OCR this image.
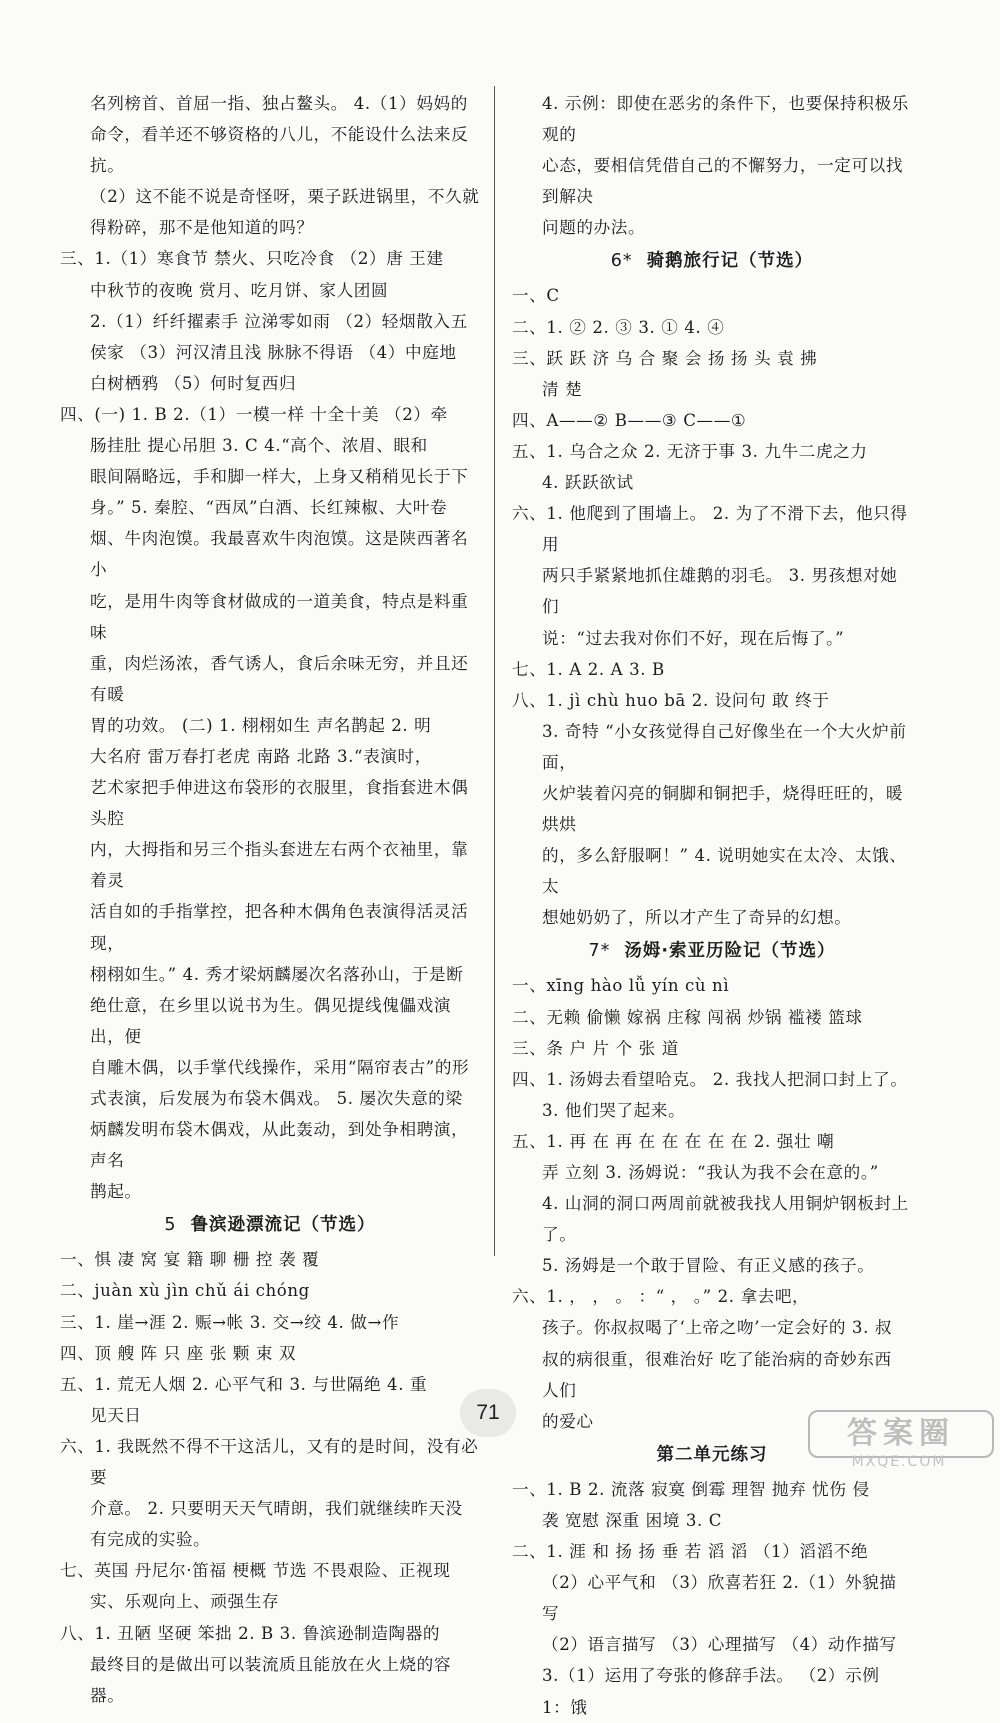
名列榜首、首屈一指、独占鳌头。 4.（1）妈妈的
命令，看羊还不够资格的八儿，不能设什么法来反抗。
（2）这不能不说是奇怪呀，栗子跃进锅里，不久就
得粉碎，那不是他知道的吗？
三、1.（1）寒食节 禁火、只吃冷食 （2）唐 王建
中秋节的夜晚 赏月、吃月饼、家人团圆
2.（1）纤纤擢素手 泣涕零如雨 （2）轻烟散入五
侯家 （3）河汉清且浅 脉脉不得语 （4）中庭地
白树栖鸦 （5）何时复西归
四、(一) 1. B 2.（1）一模一样 十全十美 （2）牵
肠挂肚 提心吊胆 3. C 4.“高个、浓眉、眼和
眼间隔略远，手和脚一样大，上身又稍稍见长于下
身。” 5. 秦腔、“西凤”白酒、长红辣椒、大叶卷
烟、牛肉泡馍。我最喜欢牛肉泡馍。这是陕西著名小
吃，是用牛肉等食材做成的一道美食，特点是料重味
重，肉烂汤浓，香气诱人，食后余味无穷，并且还有暖
胃的功效。 (二) 1. 栩栩如生 声名鹊起 2. 明
大名府 雷万春打老虎 南路 北路 3.“表演时，
艺术家把手伸进这布袋形的衣服里，食指套进木偶头腔
内，大拇指和另三个指头套进左右两个衣袖里，靠着灵
活自如的手指掌控，把各种木偶角色表演得活灵活现，
栩栩如生。” 4. 秀才梁炳麟屡次名落孙山，于是断
绝仕意，在乡里以说书为生。偶见提线傀儡戏演出，便
自雕木偶，以手掌代线操作，采用“隔帘表古”的形
式表演，后发展为布袋木偶戏。 5. 屡次失意的梁
炳麟发明布袋木偶戏，从此轰动，到处争相聘演，声名
鹊起。
5 鲁滨逊漂流记（节选）
一、惧 凄 窝 宴 籍 聊 栅 控 袭 覆
二、juàn xù jìn chǔ ái chóng
三、1. 崖→涯 2. 赈→帐 3. 交→绞 4. 做→作
四、顶 艘 阵 只 座 张 颗 束 双
五、1. 荒无人烟 2. 心平气和 3. 与世隔绝 4. 重
见天日
六、1. 我既然不得不干这活儿，又有的是时间，没有必要
介意。 2. 只要明天天气晴朗，我们就继续昨天没
有完成的实验。
七、英国 丹尼尔·笛福 梗概 节选 不畏艰险、正视现
实、乐观向上、顽强生存
八、1. 丑陋 坚硬 笨拙 2. B 3. 鲁滨逊制造陶器的
最终目的是做出可以装流质且能放在火上烧的容器。
4. 示例：即使在恶劣的条件下，也要保持积极乐观的
心态，要相信凭借自己的不懈努力，一定可以找到解决
问题的办法。
6* 骑鹅旅行记（节选）
一、C
二、1. ② 2. ③ 3. ① 4. ④
三、跃 跃 济 乌 合 聚 会 扬 扬 头 袁 拂
清 楚
四、A——② B——③ C——①
五、1. 乌合之众 2. 无济于事 3. 九牛二虎之力
4. 跃跃欲试
六、1. 他爬到了围墙上。 2. 为了不滑下去，他只得用
两只手紧紧地抓住雄鹅的羽毛。 3. 男孩想对她们
说：“过去我对你们不好，现在后悔了。”
七、1. A 2. A 3. B
八、1. jì chù huo bā 2. 设问句 敢 终于
3. 奇特 “小女孩觉得自己好像坐在一个大火炉前面，
火炉装着闪亮的铜脚和铜把手，烧得旺旺的，暖烘烘
的，多么舒服啊！” 4. 说明她实在太冷、太饿、太
想她奶奶了，所以才产生了奇异的幻想。
7* 汤姆·索亚历险记（节选）
一、xīng hào lǚ yín cù nì
二、无赖 偷懒 嫁祸 庄稼 闯祸 炒锅 褴褛 篮球
三、条 户 片 个 张 道
四、1. 汤姆去看望哈克。 2. 我找人把洞口封上了。
3. 他们哭了起来。
五、1. 再 在 再 在 在 在 在 在 2. 强壮 嘲
弄 立刻 3. 汤姆说：“我认为我不会在意的。”
4. 山洞的洞口两周前就被我找人用铜炉钢板封上了。
5. 汤姆是一个敢于冒险、有正义感的孩子。
六、1. ， ， 。 ：“ ， 。” 2. 拿去吧，
孩子。你叔叔喝了‘上帝之吻’一定会好的 3. 叔
叔的病很重，很难治好 吃了能治病的奇妙东西 人们
的爱心
第二单元练习
一、1. B 2. 流落 寂寞 倒霉 理智 抛弃 忧伤 侵
袭 宽慰 深重 困境 3. C
二、1. 涯 和 扬 扬 垂 若 滔 滔 （1）滔滔不绝
（2）心平气和 （3）欣喜若狂 2.（1）外貌描写
（2）语言描写 （3）心理描写 （4）动作描写
3.（1）运用了夸张的修辞手法。 （2）示例 1：饿
71
答案圈
MXQE.COM
